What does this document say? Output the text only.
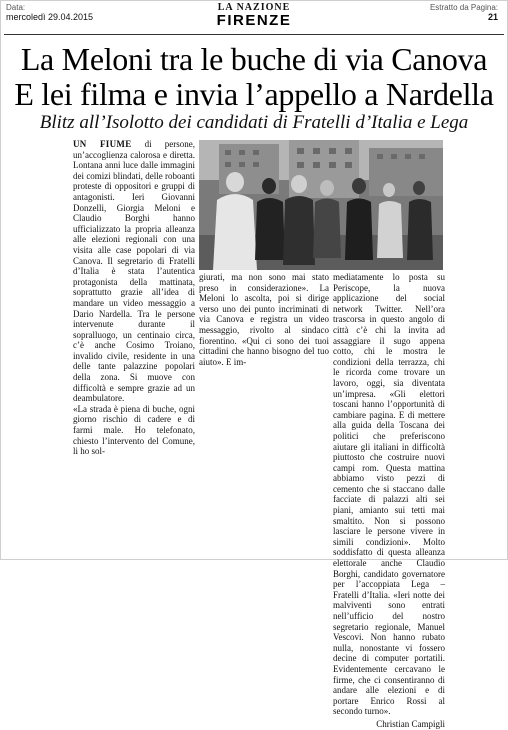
Data:
mercoledì 29.04.2015
LA NAZIONE
FIRENZE
Estratto da Pagina:
21
La Meloni tra le buche di via Canova
E lei filma e invia l’appello a Nardella
Blitz all’Isolotto dei candidati di Fratelli d’Italia e Lega

UN FIUME di persone, un’accoglienza calorosa e diretta. Lontana anni luce dalle immagini dei comizi blindati, delle roboanti proteste di oppositori e gruppi di antagonisti. Ieri Giovanni Donzelli, Giorgia Meloni e Claudio Borghi hanno ufficializzato la propria alleanza alle elezioni regionali con una visita alle case popolari di via Canova. Il segretario di Fratelli d’Italia è stata l’autentica protagonista della mattinata, soprattutto grazie all’idea di mandare un video messaggio a Dario Nardella. Tra le persone intervenute durante il sopralluogo, un centinaio circa, c’è anche Cosimo Troiano, invalido civile, residente in una delle tante palazzine popolari della zona. Si muove con difficoltà e sempre grazie ad un deambulatore.

«La strada è piena di buche, ogni giorno rischio di cadere e di farmi male. Ho telefonato, chiesto l’intervento del Comune, li ho sol-

giurati, ma non sono mai stato preso in considerazione». La Meloni lo ascolta, poi si dirige verso uno dei punto incriminati di via Canova e registra un video messaggio, rivolto al sindaco fiorentino. «Qui ci sono dei tuoi cittadini che hanno bisogno del tuo aiuto». E im-

mediatamente lo posta su Periscope, la nuova applicazione del social network Twitter. Nell’ora trascorsa in questo angolo di città c’è chi la invita ad assaggiare il sugo appena cotto, chi le mostra le condizioni della terrazza, chi le ricorda come trovare un lavoro, oggi, sia diventata un’impresa. «Gli elettori toscani hanno l’opportunità di cambiare pagina. E di mettere alla guida della Toscana dei politici che preferiscono aiutare gli italiani in difficoltà piuttosto che costruire nuovi campi rom. Questa mattina abbiamo visto pezzi di cemento che si staccano dalle facciate di palazzi alti sei piani, amianto sui tetti mai smaltito. Non si possono lasciare le persone vivere in simili condizioni». Molto soddisfatto di questa alleanza elettorale anche Claudio Borghi, candidato governatore per l’accoppiata Lega – Fratelli d’Italia. «Ieri notte dei malviventi sono entrati nell’ufficio del nostro segretario regionale, Manuel Vescovi. Non hanno rubato nulla, nonostante vi fossero decine di computer portatili. Evidentemente cercavano le firme, che ci consentiranno di andare alle elezioni e di portare Enrico Rossi al secondo turno».

Christian Campigli
